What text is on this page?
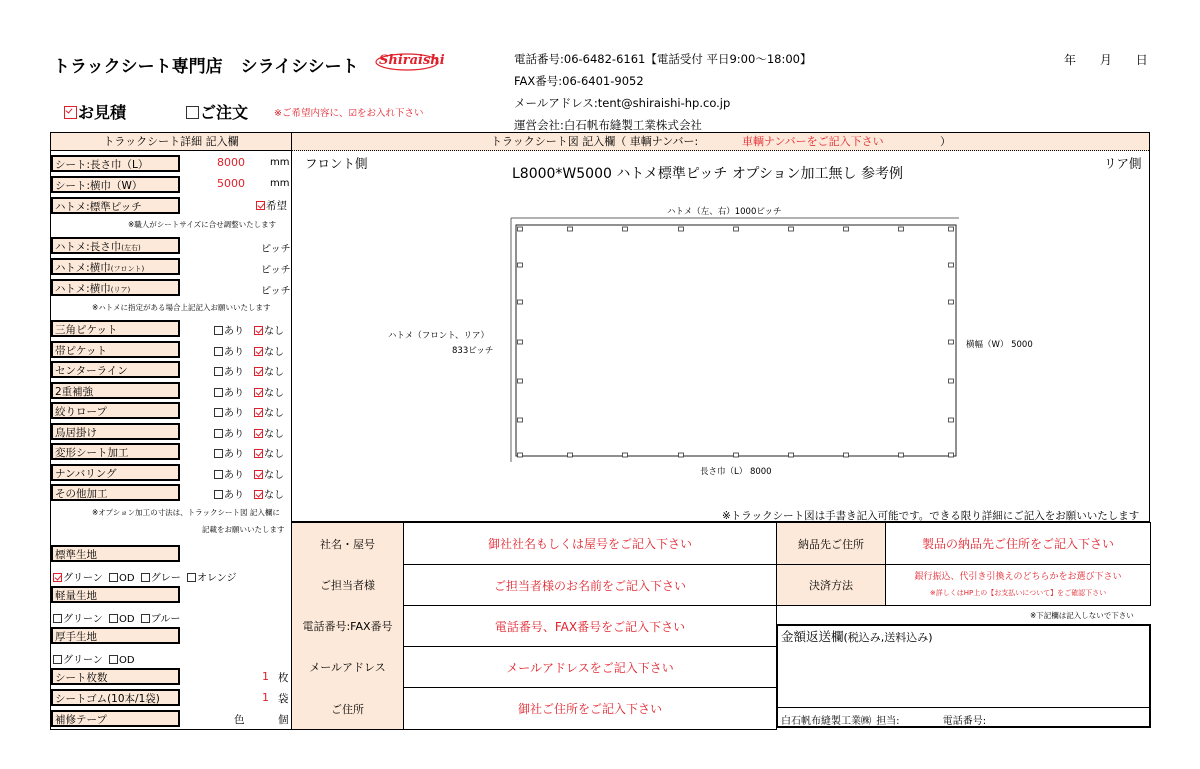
トラックシート専門店 シライシシート Shiraishi	電話番号:06-6482-6161【電話受付 平日9:00～18:00】
FAX番号:06-6401-9052
メールアドレス:tent@shiraishi-hp.co.jp
運営会社:白石帆布縫製工業株式会社
年 月 日
お見積	ご注文	※ご希望内容に、☑をお入れ下さい
トラックシート詳細 記入欄
シート:長さ巾（L）	8000	mm
シート:横巾（W）	5000	mm
ハトメ:標準ピッチ	希望
※職人がシートサイズに合せ調整いたします
ハトメ:長さ巾(左右)	ピッチ
ハトメ:横巾(フロント)	ピッチ
ハトメ:横巾(リア)	ピッチ
※ハトメに指定がある場合上記記入お願いいたします
三角ピケット	あり なし
帯ピケット	あり なし
センターライン	あり なし
2重補強	あり なし
絞りロープ	あり なし
鳥居掛け	あり なし
変形シート加工	あり なし
ナンバリング	あり なし
その他加工	あり なし
※オプション加工の寸法は、トラックシート図 記入欄に
記載をお願いいたします
標準生地
グリーン OD グレー オレンジ
軽量生地
グリーン OD ブルー
厚手生地
グリーン OD
シート枚数	1 枚
シートゴム(10本/1袋)	1 袋
補修テープ	色	個
トラックシート図 記入欄（ 車輌ナンバー:	車輌ナンバーをご記入下さい	）
フロント側	リア側
L8000*W5000 ハトメ標準ピッチ オプション加工無し 参考例
ハトメ（左、右）1000ピッチ
ハトメ（フロント、リア）
833ピッチ
横幅（W） 5000
長さ巾（L） 8000
※トラックシート図は手書き記入可能です。できる限り詳細にご記入をお願いいたします
社名・屋号	御社社名もしくは屋号をご記入下さい
ご担当者様	ご担当者様のお名前をご記入下さい
電話番号:FAX番号	電話番号、FAX番号をご記入下さい
メールアドレス	メールアドレスをご記入下さい
ご住所	御社ご住所をご記入下さい
納品先ご住所	製品の納品先ご住所をご記入下さい
決済方法
銀行振込、代引き引換えのどちらかをお選び下さい
※詳しくはHP上の【お支払いについて】をご確認下さい
※下記欄は記入しないで下さい
金額返送欄(税込み,送料込み)
白石帆布縫製工業㈱ 担当:	電話番号:
